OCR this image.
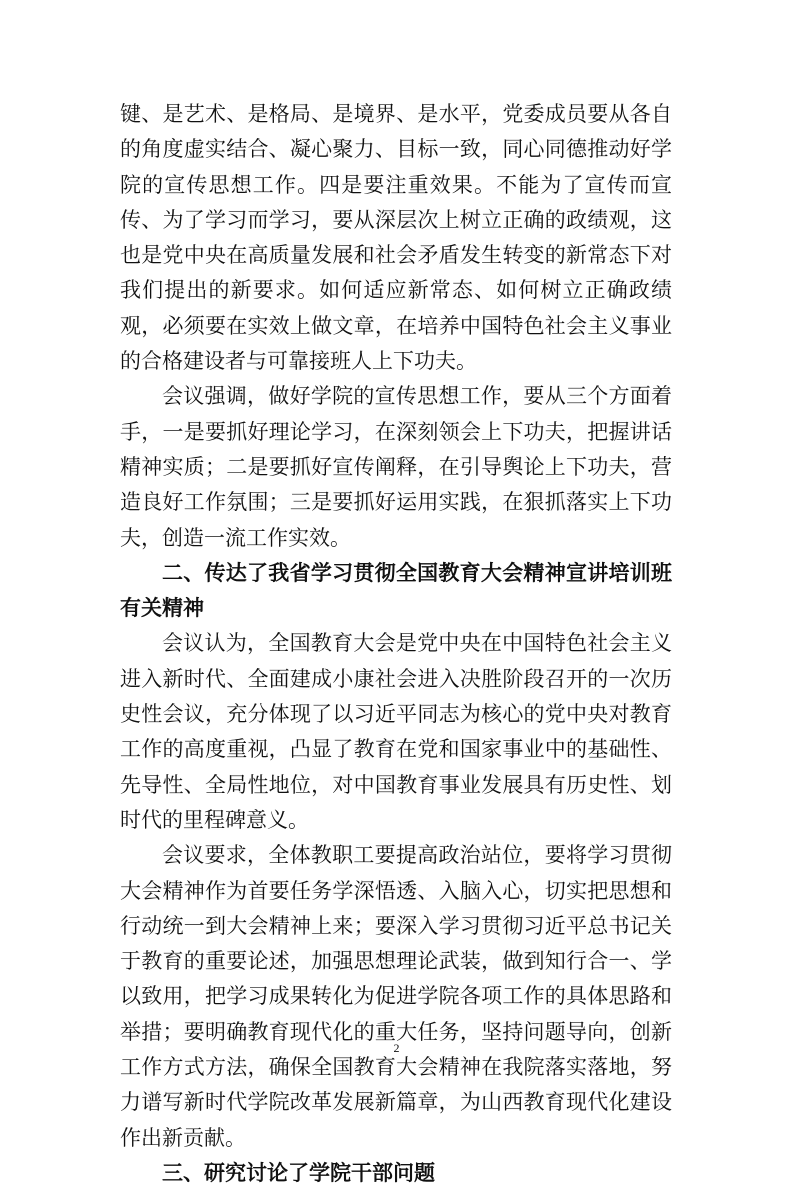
键、是艺术、是格局、是境界、是水平，党委成员要从各自的角度虚实结合、凝心聚力、目标一致，同心同德推动好学院的宣传思想工作。四是要注重效果。不能为了宣传而宣传、为了学习而学习，要从深层次上树立正确的政绩观，这也是党中央在高质量发展和社会矛盾发生转变的新常态下对我们提出的新要求。如何适应新常态、如何树立正确政绩观，必须要在实效上做文章，在培养中国特色社会主义事业的合格建设者与可靠接班人上下功夫。

会议强调，做好学院的宣传思想工作，要从三个方面着手，一是要抓好理论学习，在深刻领会上下功夫，把握讲话精神实质；二是要抓好宣传阐释，在引导舆论上下功夫，营造良好工作氛围；三是要抓好运用实践，在狠抓落实上下功夫，创造一流工作实效。

二、传达了我省学习贯彻全国教育大会精神宣讲培训班有关精神

会议认为，全国教育大会是党中央在中国特色社会主义进入新时代、全面建成小康社会进入决胜阶段召开的一次历史性会议，充分体现了以习近平同志为核心的党中央对教育工作的高度重视，凸显了教育在党和国家事业中的基础性、先导性、全局性地位，对中国教育事业发展具有历史性、划时代的里程碑意义。

会议要求，全体教职工要提高政治站位，要将学习贯彻大会精神作为首要任务学深悟透、入脑入心，切实把思想和行动统一到大会精神上来；要深入学习贯彻习近平总书记关于教育的重要论述，加强思想理论武装，做到知行合一、学以致用，把学习成果转化为促进学院各项工作的具体思路和举措；要明确教育现代化的重大任务，坚持问题导向，创新工作方式方法，确保全国教育大会精神在我院落实落地，努力谱写新时代学院改革发展新篇章，为山西教育现代化建设作出新贡献。

三、研究讨论了学院干部问题

2
